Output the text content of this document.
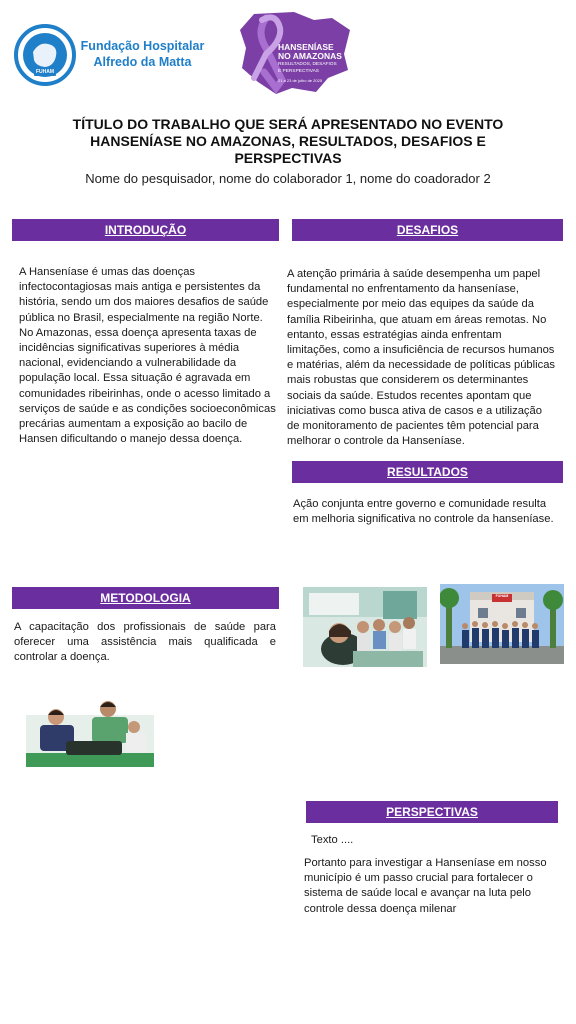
FUHAM
Fundação Hospitalar
Alfredo da Matta
HANSENÍASE
NO AMAZONAS
RESULTADOS, DESAFIOS
E PERSPECTIVAS
21 a 23 de julho de 2025
TÍTULO DO TRABALHO QUE SERÁ APRESENTADO NO EVENTO HANSENÍASE NO AMAZONAS, RESULTADOS, DESAFIOS E PERSPECTIVAS
Nome do pesquisador, nome do colaborador 1, nome do coadorador 2
INTRODUÇÃO
A Hanseníase é umas das doenças infectocontagiosas mais antiga e persistentes da história, sendo um dos maiores desafios de saúde pública no Brasil, especialmente na região Norte. No Amazonas, essa doença apresenta taxas de incidências significativas superiores à média nacional, evidenciando a vulnerabilidade da população local. Essa situação é agravada em comunidades ribeirinhas, onde o acesso limitado a serviços de saúde e as condições socioeconômicas precárias aumentam a exposição ao bacilo de Hansen dificultando o manejo dessa doença.
DESAFIOS
A atenção primária à saúde desempenha um papel fundamental no enfrentamento da hanseníase, especialmente por meio das equipes da saúde da família Ribeirinha, que atuam em áreas remotas. No entanto, essas estratégias ainda enfrentam limitações, como a insuficiência de recursos humanos e matérias, além da necessidade de políticas públicas mais robustas que considerem os determinantes sociais da saúde. Estudos recentes apontam que iniciativas como busca ativa de casos e a utilização de monitoramento de pacientes têm potencial para melhorar o controle da Hanseníase.
RESULTADOS
Ação conjunta entre governo e comunidade resulta em melhoria significativa no controle da hanseníase.
METODOLOGIA
A capacitação dos profissionais de saúde para oferecer uma assistência mais qualificada e controlar a doença.
FUHAM
PERSPECTIVAS
Texto ....
Portanto para investigar a Hanseníase em nosso município é um passo crucial para fortalecer o sistema de saúde local e avançar na luta pelo controle dessa doença milenar
